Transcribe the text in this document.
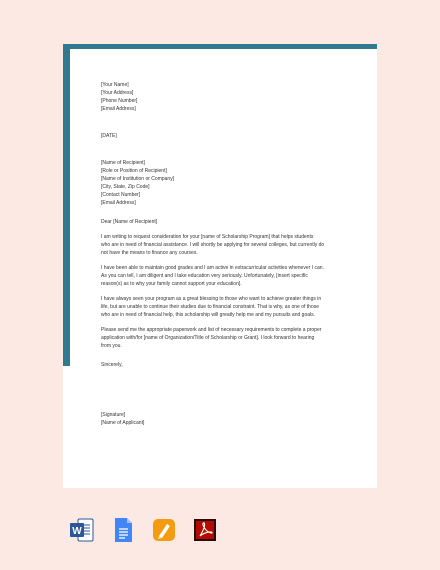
[Your Name]
[Your Address]
[Phone Number]
[Email Address]
[DATE]
[Name of Recipient]
[Role or Position of Recipient]
[Name of Institution or Company]
[City, State, Zip Code]
[Contact Number]
[Email Address]
Dear [Name of Recipient]
I am writing to request consideration for your [name of Scholarship Program] that helps students
who are in need of financial assistance. I will shortly be applying for several colleges, but currently do
not have the means to finance any courses.
I have been able to maintain good grades and I am active in extracurricular activities whenever I can.
As you can tell, I am diligent and I take education very seriously. Unfortunately, [insert specific
reason(s) as to why your family cannot support your education].
I have always seen your program as a great blessing to those who want to achieve greater things in
life, but are unable to continue their studies due to financial constraint. That is why, as one of those
who are in need of financial help, this scholarship will greatly help me and my pursuits and goals.
Please send me the appropriate paperwork and list of necessary requirements to complete a proper
application with/for [name of Organization/Title of Scholarship or Grant]. I look forward to hearing
from you.
Sincerely,
[Signature]
[Name of Applicant]
W
